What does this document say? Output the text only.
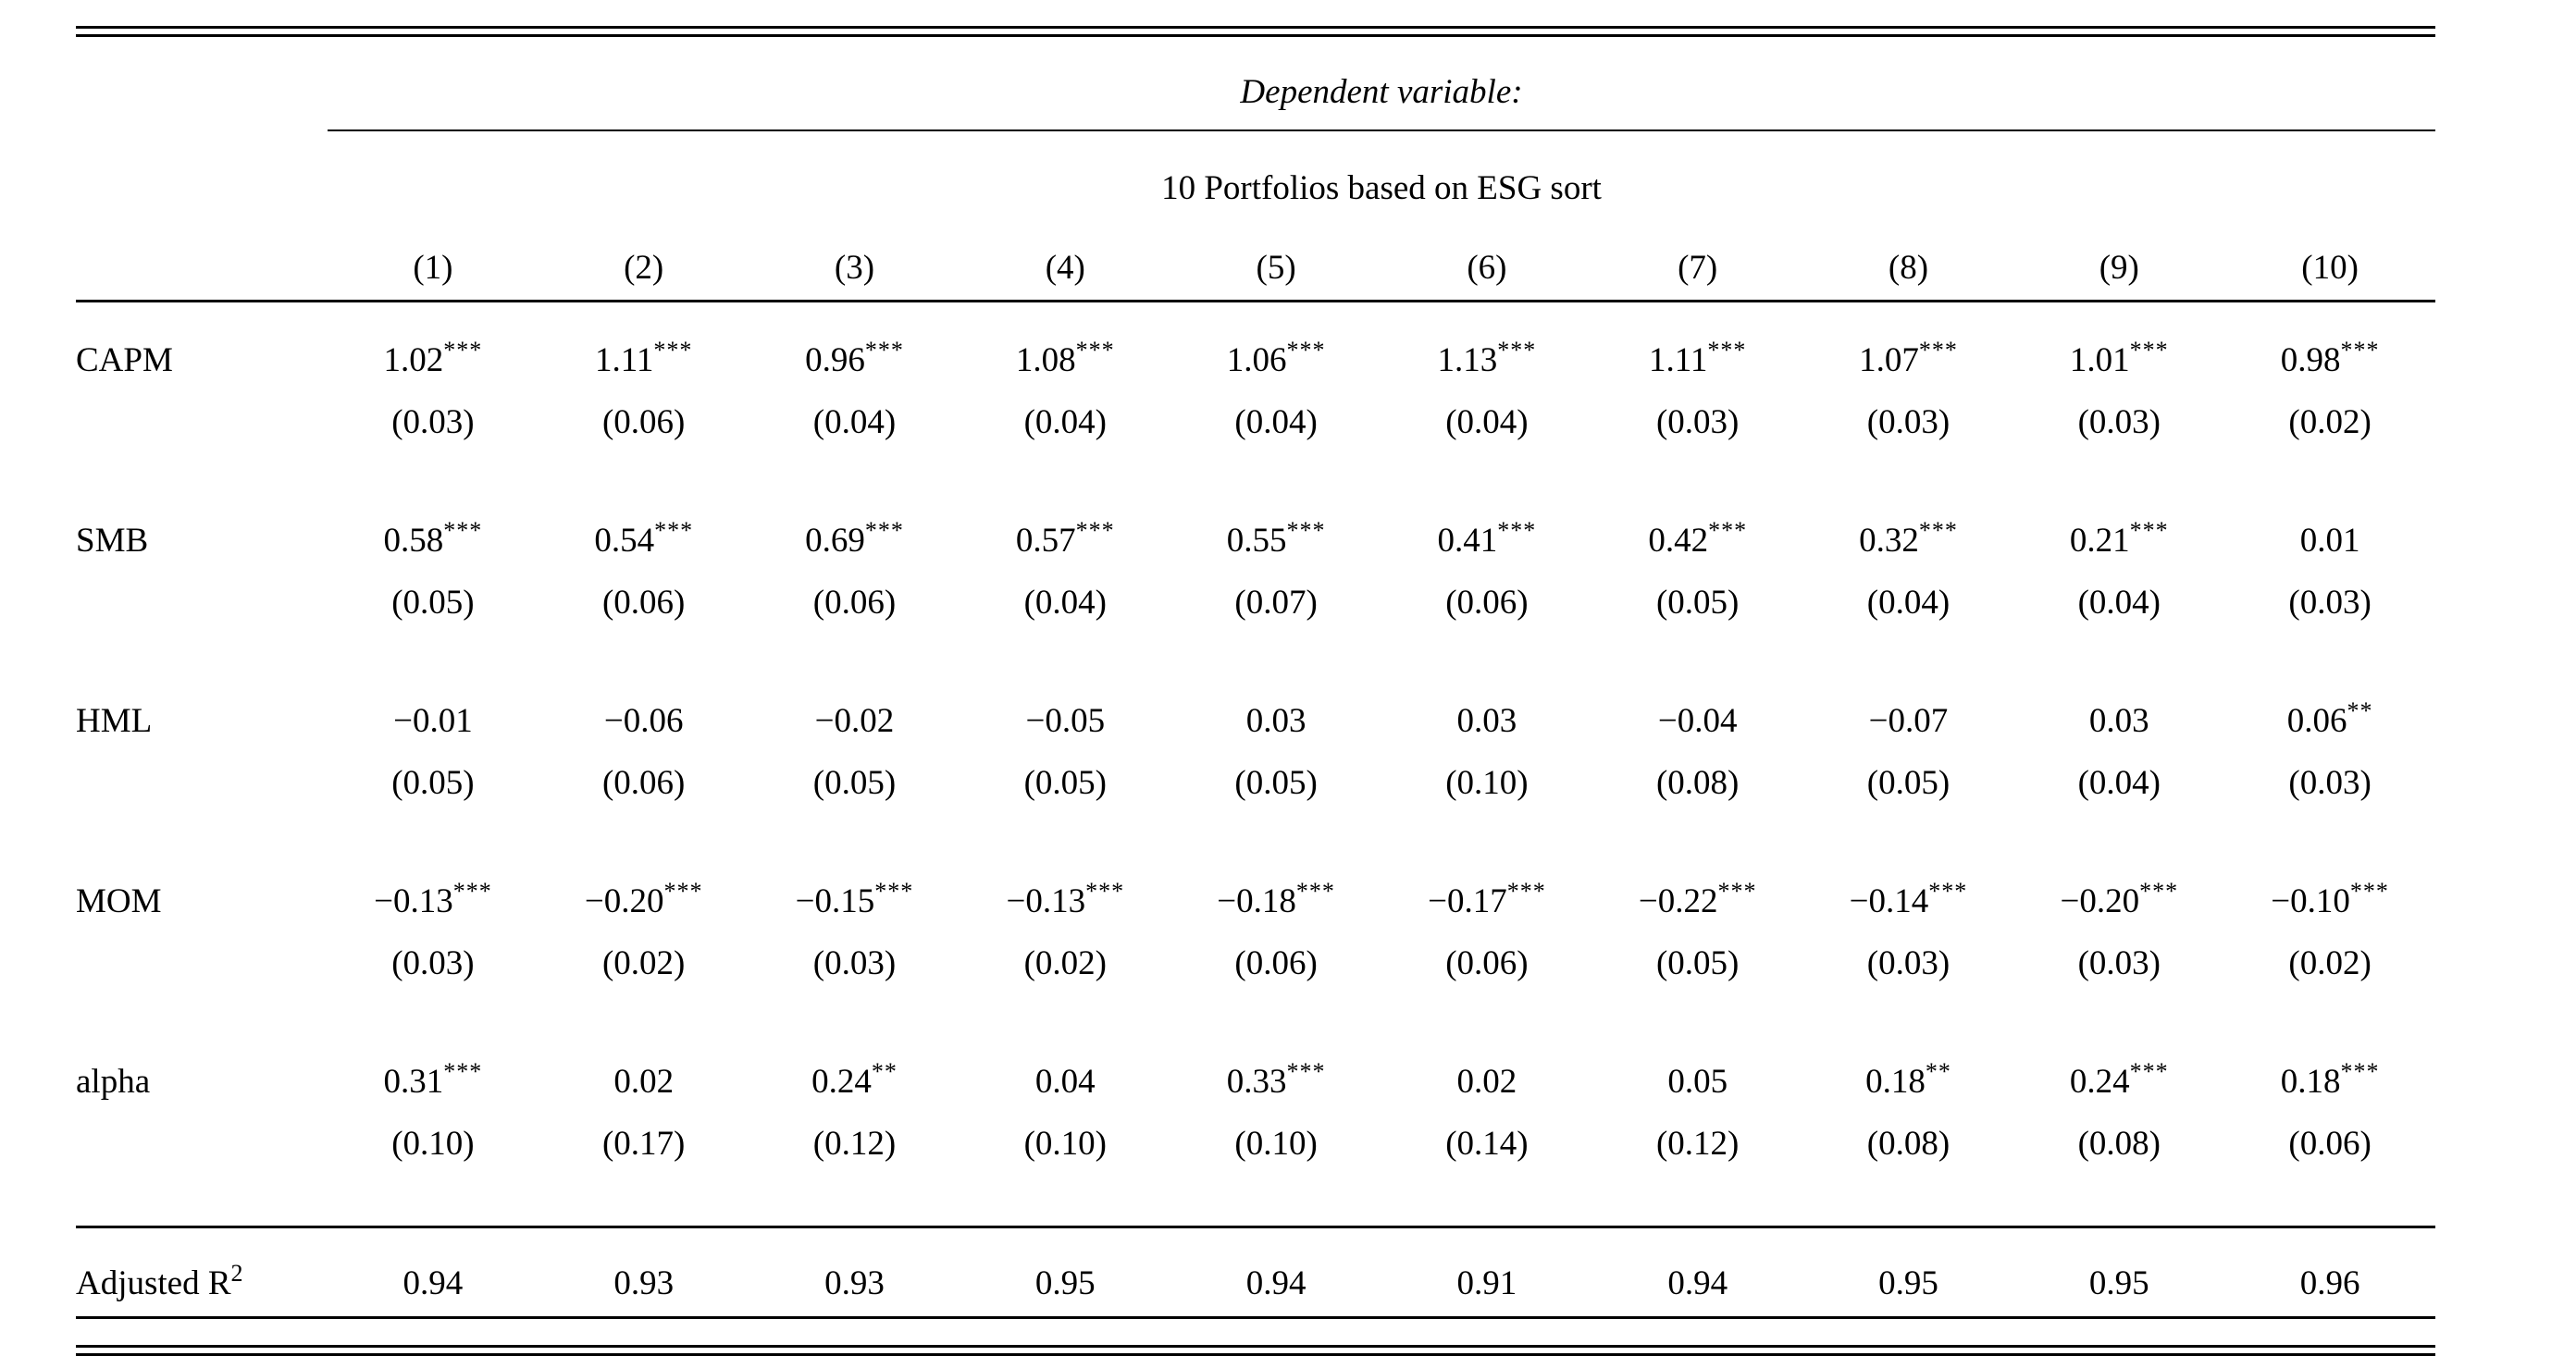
Dependent variable:
10 Portfolios based on ESG sort
(1)	(2)	(3)	(4)	(5)	(6)	(7)	(8)	(9)	(10)
CAPM	1.02***	1.11***	0.96***	1.08***	1.06***	1.13***	1.11***	1.07***	1.01***	0.98***
(0.03)	(0.06)	(0.04)	(0.04)	(0.04)	(0.04)	(0.03)	(0.03)	(0.03)	(0.02)
SMB	0.58***	0.54***	0.69***	0.57***	0.55***	0.41***	0.42***	0.32***	0.21***	0.01
(0.05)	(0.06)	(0.06)	(0.04)	(0.07)	(0.06)	(0.05)	(0.04)	(0.04)	(0.03)
HML	−0.01	−0.06	−0.02	−0.05	0.03	0.03	−0.04	−0.07	0.03	0.06**
(0.05)	(0.06)	(0.05)	(0.05)	(0.05)	(0.10)	(0.08)	(0.05)	(0.04)	(0.03)
MOM	−0.13***	−0.20***	−0.15***	−0.13***	−0.18***	−0.17***	−0.22***	−0.14***	−0.20***	−0.10***
(0.03)	(0.02)	(0.03)	(0.02)	(0.06)	(0.06)	(0.05)	(0.03)	(0.03)	(0.02)
alpha	0.31***	0.02	0.24**	0.04	0.33***	0.02	0.05	0.18**	0.24***	0.18***
(0.10)	(0.17)	(0.12)	(0.10)	(0.10)	(0.14)	(0.12)	(0.08)	(0.08)	(0.06)
Adjusted $R^2$	0.94	0.93	0.93	0.95	0.94	0.91	0.94	0.95	0.95	0.96
